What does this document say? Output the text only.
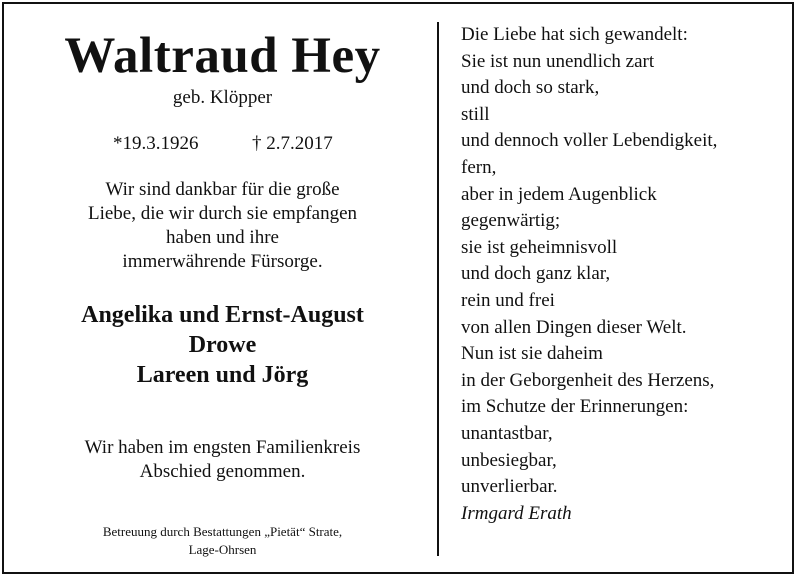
Waltraud Hey
geb. Klöpper
*19.3.1926	† 2.7.2017
Wir sind dankbar für die große
Liebe, die wir durch sie empfangen
haben und ihre
immerwährende Fürsorge.
Angelika und Ernst-August
Drowe
Lareen und Jörg
Wir haben im engsten Familienkreis
Abschied genommen.
Betreuung durch Bestattungen „Pietät“ Strate,
Lage-Ohrsen
Die Liebe hat sich gewandelt:
Sie ist nun unendlich zart
und doch so stark,
still
und dennoch voller Lebendigkeit,
fern,
aber in jedem Augenblick
gegenwärtig;
sie ist geheimnisvoll
und doch ganz klar,
rein und frei
von allen Dingen dieser Welt.
Nun ist sie daheim
in der Geborgenheit des Herzens,
im Schutze der Erinnerungen:
unantastbar,
unbesiegbar,
unverlierbar.
Irmgard Erath
